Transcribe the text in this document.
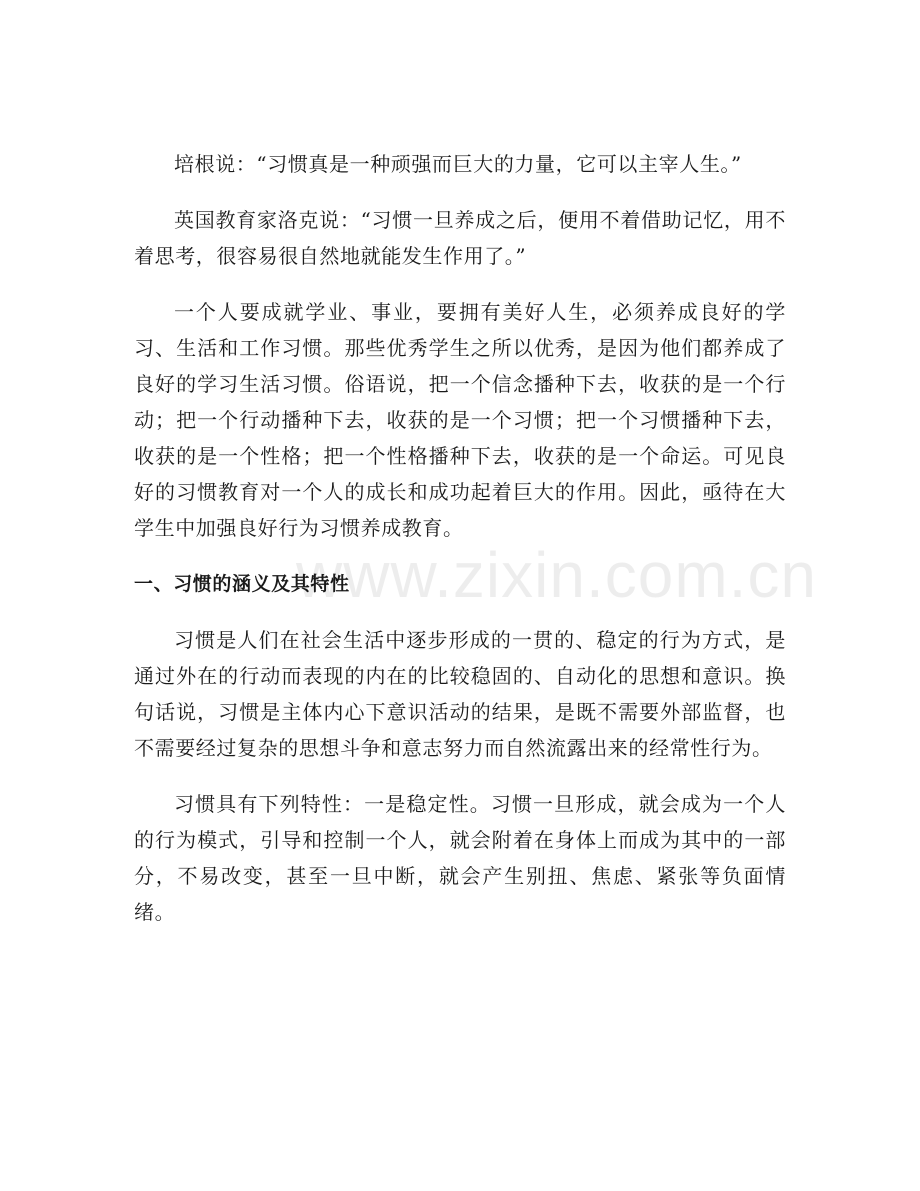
培根说：“习惯真是一种顽强而巨大的力量，它可以主宰人生。”

英国教育家洛克说：“习惯一旦养成之后，便用不着借助记忆，用不着思考，很容易很自然地就能发生作用了。”

一个人要成就学业、事业，要拥有美好人生，必须养成良好的学习、生活和工作习惯。那些优秀学生之所以优秀，是因为他们都养成了良好的学习生活习惯。俗语说，把一个信念播种下去，收获的是一个行动；把一个行动播种下去，收获的是一个习惯；把一个习惯播种下去，收获的是一个性格；把一个性格播种下去，收获的是一个命运。可见良好的习惯教育对一个人的成长和成功起着巨大的作用。因此，亟待在大学生中加强良好行为习惯养成教育。

一、习惯的涵义及其特性

习惯是人们在社会生活中逐步形成的一贯的、稳定的行为方式，是通过外在的行动而表现的内在的比较稳固的、自动化的思想和意识。换句话说，习惯是主体内心下意识活动的结果，是既不需要外部监督，也不需要经过复杂的思想斗争和意志努力而自然流露出来的经常性行为。

习惯具有下列特性：一是稳定性。习惯一旦形成，就会成为一个人的行为模式，引导和控制一个人，就会附着在身体上而成为其中的一部分，不易改变，甚至一旦中断，就会产生别扭、焦虑、紧张等负面情绪。

www.zixin.com.cn
